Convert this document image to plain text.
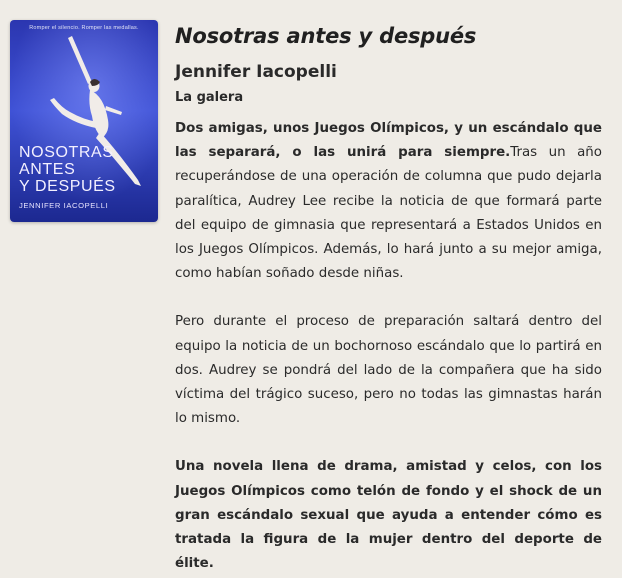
Romper el silencio. Romper las medallas.
NOSOTRAS
ANTES
Y DESPUÉS
JENNIFER IACOPELLI
Nosotras antes y después
Jennifer Iacopelli
La galera

Dos amigas, unos Juegos Olímpicos, y un escándalo que las separará, o las unirá para siempre.Tras un año recuperándose de una operación de columna que pudo dejarla paralítica, Audrey Lee recibe la noticia de que formará parte del equipo de gimnasia que representará a Estados Unidos en los Juegos Olímpicos. Además, lo hará junto a su mejor amiga, como habían soñado desde niñas.

Pero durante el proceso de preparación saltará dentro del equipo la noticia de un bochornoso escándalo que lo partirá en dos. Audrey se pondrá del lado de la compañera que ha sido víctima del trágico suceso, pero no todas las gimnastas harán lo mismo.

Una novela llena de drama, amistad y celos, con los Juegos Olímpicos como telón de fondo y el shock de un gran escándalo sexual que ayuda a entender cómo es tratada la figura de la mujer dentro del deporte de élite.
